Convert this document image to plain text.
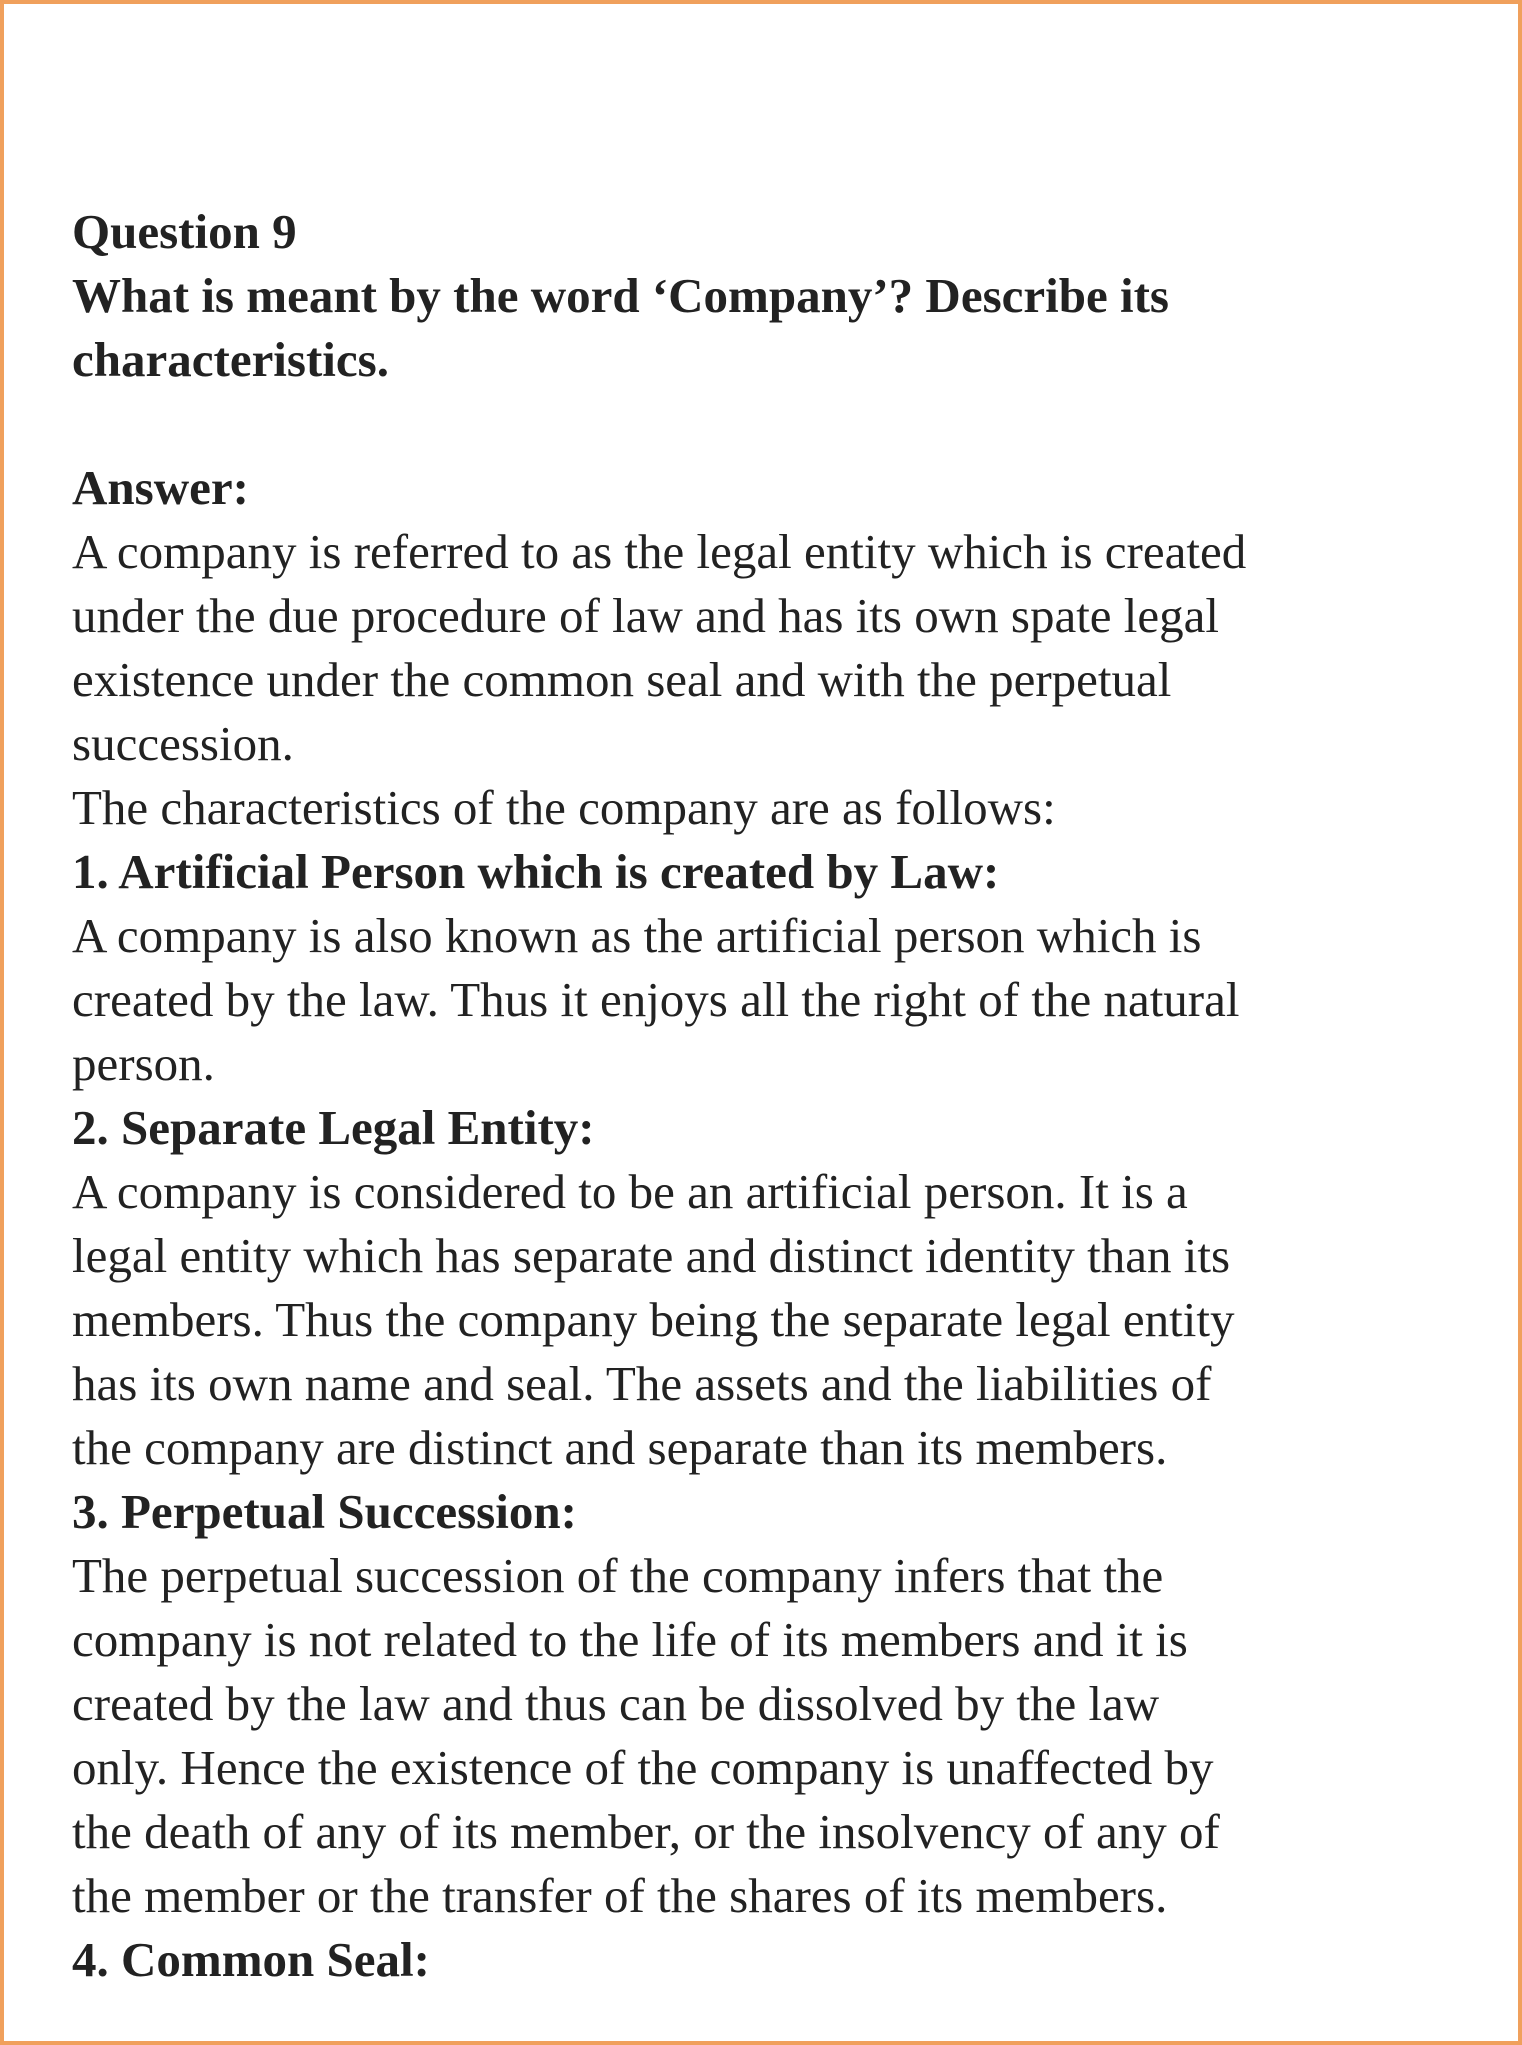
Question 9
What is meant by the word ‘Company’? Describe its
characteristics.
Answer:
A company is referred to as the legal entity which is created
under the due procedure of law and has its own spate legal
existence under the common seal and with the perpetual
succession.
The characteristics of the company are as follows:
1. Artificial Person which is created by Law:
A company is also known as the artificial person which is
created by the law. Thus it enjoys all the right of the natural
person.
2. Separate Legal Entity:
A company is considered to be an artificial person. It is a
legal entity which has separate and distinct identity than its
members. Thus the company being the separate legal entity
has its own name and seal. The assets and the liabilities of
the company are distinct and separate than its members.
3. Perpetual Succession:
The perpetual succession of the company infers that the
company is not related to the life of its members and it is
created by the law and thus can be dissolved by the law
only. Hence the existence of the company is unaffected by
the death of any of its member, or the insolvency of any of
the member or the transfer of the shares of its members.
4. Common Seal:
